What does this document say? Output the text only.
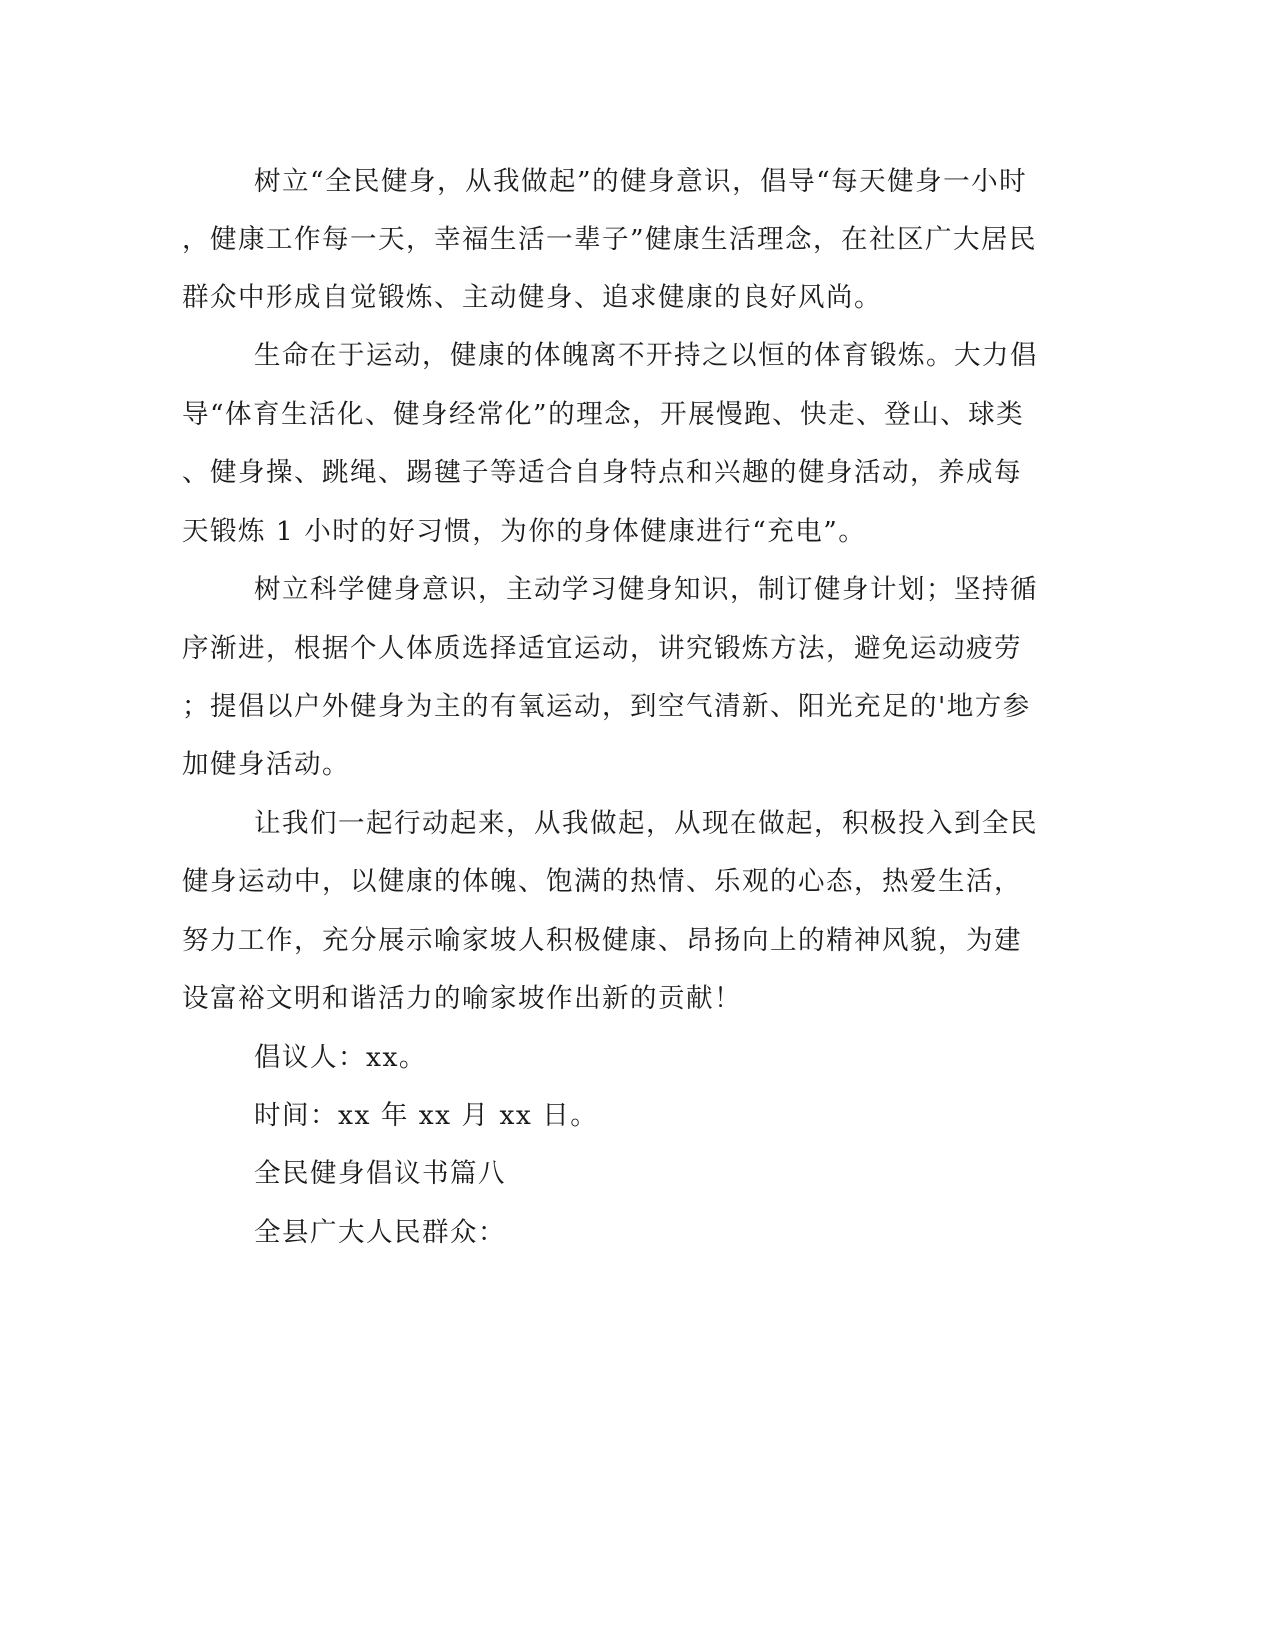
树立“全民健身，从我做起”的健身意识，倡导“每天健身一小时
，健康工作每一天，幸福生活一辈子”健康生活理念，在社区广大居民
群众中形成自觉锻炼、主动健身、追求健康的良好风尚。
生命在于运动，健康的体魄离不开持之以恒的体育锻炼。大力倡
导“体育生活化、健身经常化”的理念，开展慢跑、快走、登山、球类
、健身操、跳绳、踢毽子等适合自身特点和兴趣的健身活动，养成每
天锻炼 1 小时的好习惯，为你的身体健康进行“充电”。
树立科学健身意识，主动学习健身知识，制订健身计划；坚持循
序渐进，根据个人体质选择适宜运动，讲究锻炼方法，避免运动疲劳
；提倡以户外健身为主的有氧运动，到空气清新、阳光充足的'地方参
加健身活动。
让我们一起行动起来，从我做起，从现在做起，积极投入到全民
健身运动中，以健康的体魄、饱满的热情、乐观的心态，热爱生活，
努力工作，充分展示喻家坡人积极健康、昂扬向上的精神风貌，为建
设富裕文明和谐活力的喻家坡作出新的贡献！
倡议人：xx。
时间：xx 年 xx 月 xx 日。
全民健身倡议书篇八
全县广大人民群众：
